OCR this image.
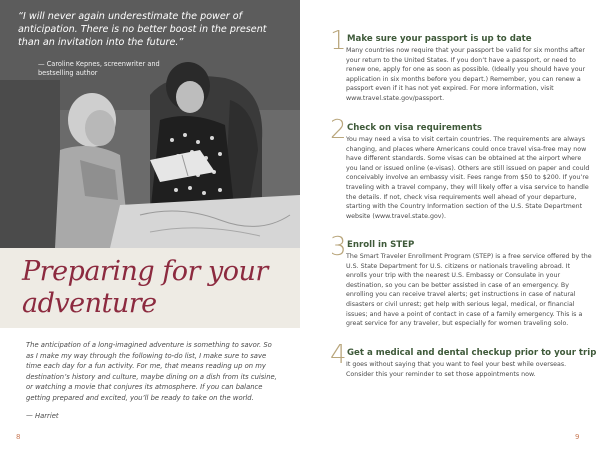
“I will never again underestimate the power of anticipation. There is no better boost in the present than an invitation into the future.”
— Caroline Kepnes, screenwriter and bestselling author
Preparing for your adventure
The anticipation of a long-imagined adventure is something to savor. So as I make my way through the following to-do list, I make sure to save time each day for a fun activity. For me, that means reading up on my destination’s history and culture, maybe dining on a dish from its cuisine, or watching a movie that conjures its atmosphere. If you can balance getting prepared and excited, you’ll be ready to take on the world.
— Harriet
8
1 Make sure your passport is up to date
Many countries now require that your passport be valid for six months after your return to the United States. If you don’t have a passport, or need to renew one, apply for one as soon as possible. (Ideally you should have your application in six months before you depart.) Remember, you can renew a passport even if it has not yet expired. For more information, visit www.travel.state.gov/passport.
2 Check on visa requirements
You may need a visa to visit certain countries. The requirements are always changing, and places where Americans could once travel visa-free may now have different standards. Some visas can be obtained at the airport where you land or issued online (e-visas). Others are still issued on paper and could conceivably involve an embassy visit. Fees range from $50 to $200. If you’re traveling with a travel company, they will likely offer a visa service to handle the details. If not, check visa requirements well ahead of your departure, starting with the Country Information section of the U.S. State Department website (www.travel.state.gov).
3 Enroll in STEP
The Smart Traveler Enrollment Program (STEP) is a free service offered by the U.S. State Department for U.S. citizens or nationals traveling abroad. It enrolls your trip with the nearest U.S. Embassy or Consulate in your destination, so you can be better assisted in case of an emergency. By enrolling you can receive travel alerts; get instructions in case of natural disasters or civil unrest; get help with serious legal, medical, or financial issues; and have a point of contact in case of a family emergency. This is a great service for any traveler, but especially for women traveling solo.
4 Get a medical and dental checkup prior to your trip
It goes without saying that you want to feel your best while overseas. Consider this your reminder to set those appointments now.
9
